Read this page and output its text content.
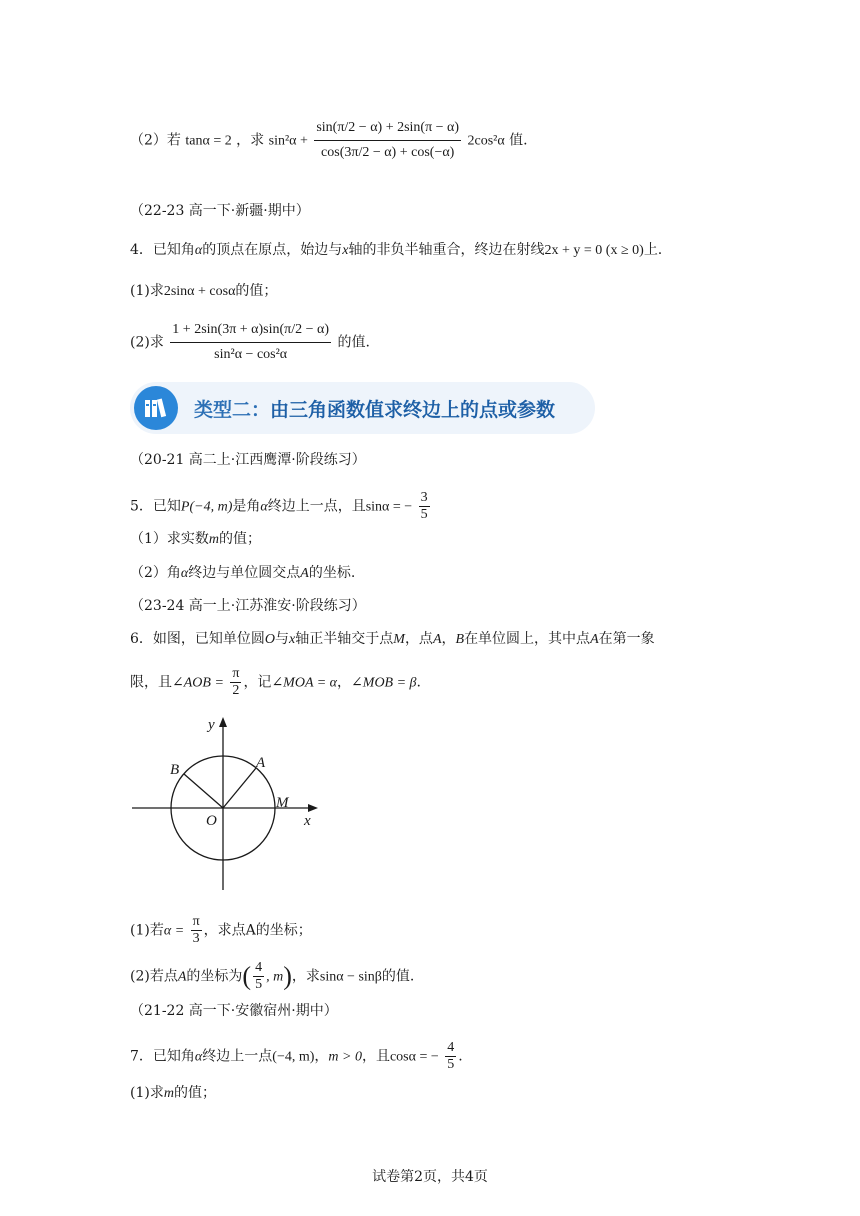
（2）若 tanα = 2 ，求 $\sin^2\alpha + \frac{\sin(\pi/2 - \alpha) + 2\sin(\pi - \alpha)}{\cos(3\pi/2 - \alpha) + \cos(-\alpha)} 2\cos^2\alpha$ 值.
（22-23 高一下·新疆·期中）
4．已知角α的顶点在原点，始边与x轴的非负半轴重合，终边在射线2x + y = 0 (x ≥ 0)上.
(1)求2sinα + cosα的值；
(2)求 $\frac{1 + 2\sin(3\pi + \alpha)\sin(\pi/2 - \alpha)}{\text{sin²α − cos²α}}$ 的值.
类型二：由三角函数值求终边上的点或参数
（20-21 高二上·江西鹰潭·阶段练习）
5．已知P(−4, m)是角α终边上一点，且sinα = − $\frac{3}{5}$
（1）求实数m的值；
（2）角α终边与单位圆交点A的坐标.
（23-24 高一上·江苏淮安·阶段练习）
6．如图，已知单位圆O与x轴正半轴交于点M，点A，B在单位圆上，其中点A在第一象
限，且∠AOB = $\frac{\pi}{2}$ ，记∠MOA = α，∠MOB = β.
y
x
O
A
B
M
(1)若$\alpha = \frac{\pi}{3}$ ，求点A的坐标；
(2)若点A的坐标为( $\frac{4}{5}$ , m)，求sinα − sinβ的值.
（21-22 高一下·安徽宿州·期中）
7．已知角α终边上一点(−4, m)，m > 0，且cosα = − $\frac{4}{5}$ .
(1)求m的值；
试卷第2页，共4页
